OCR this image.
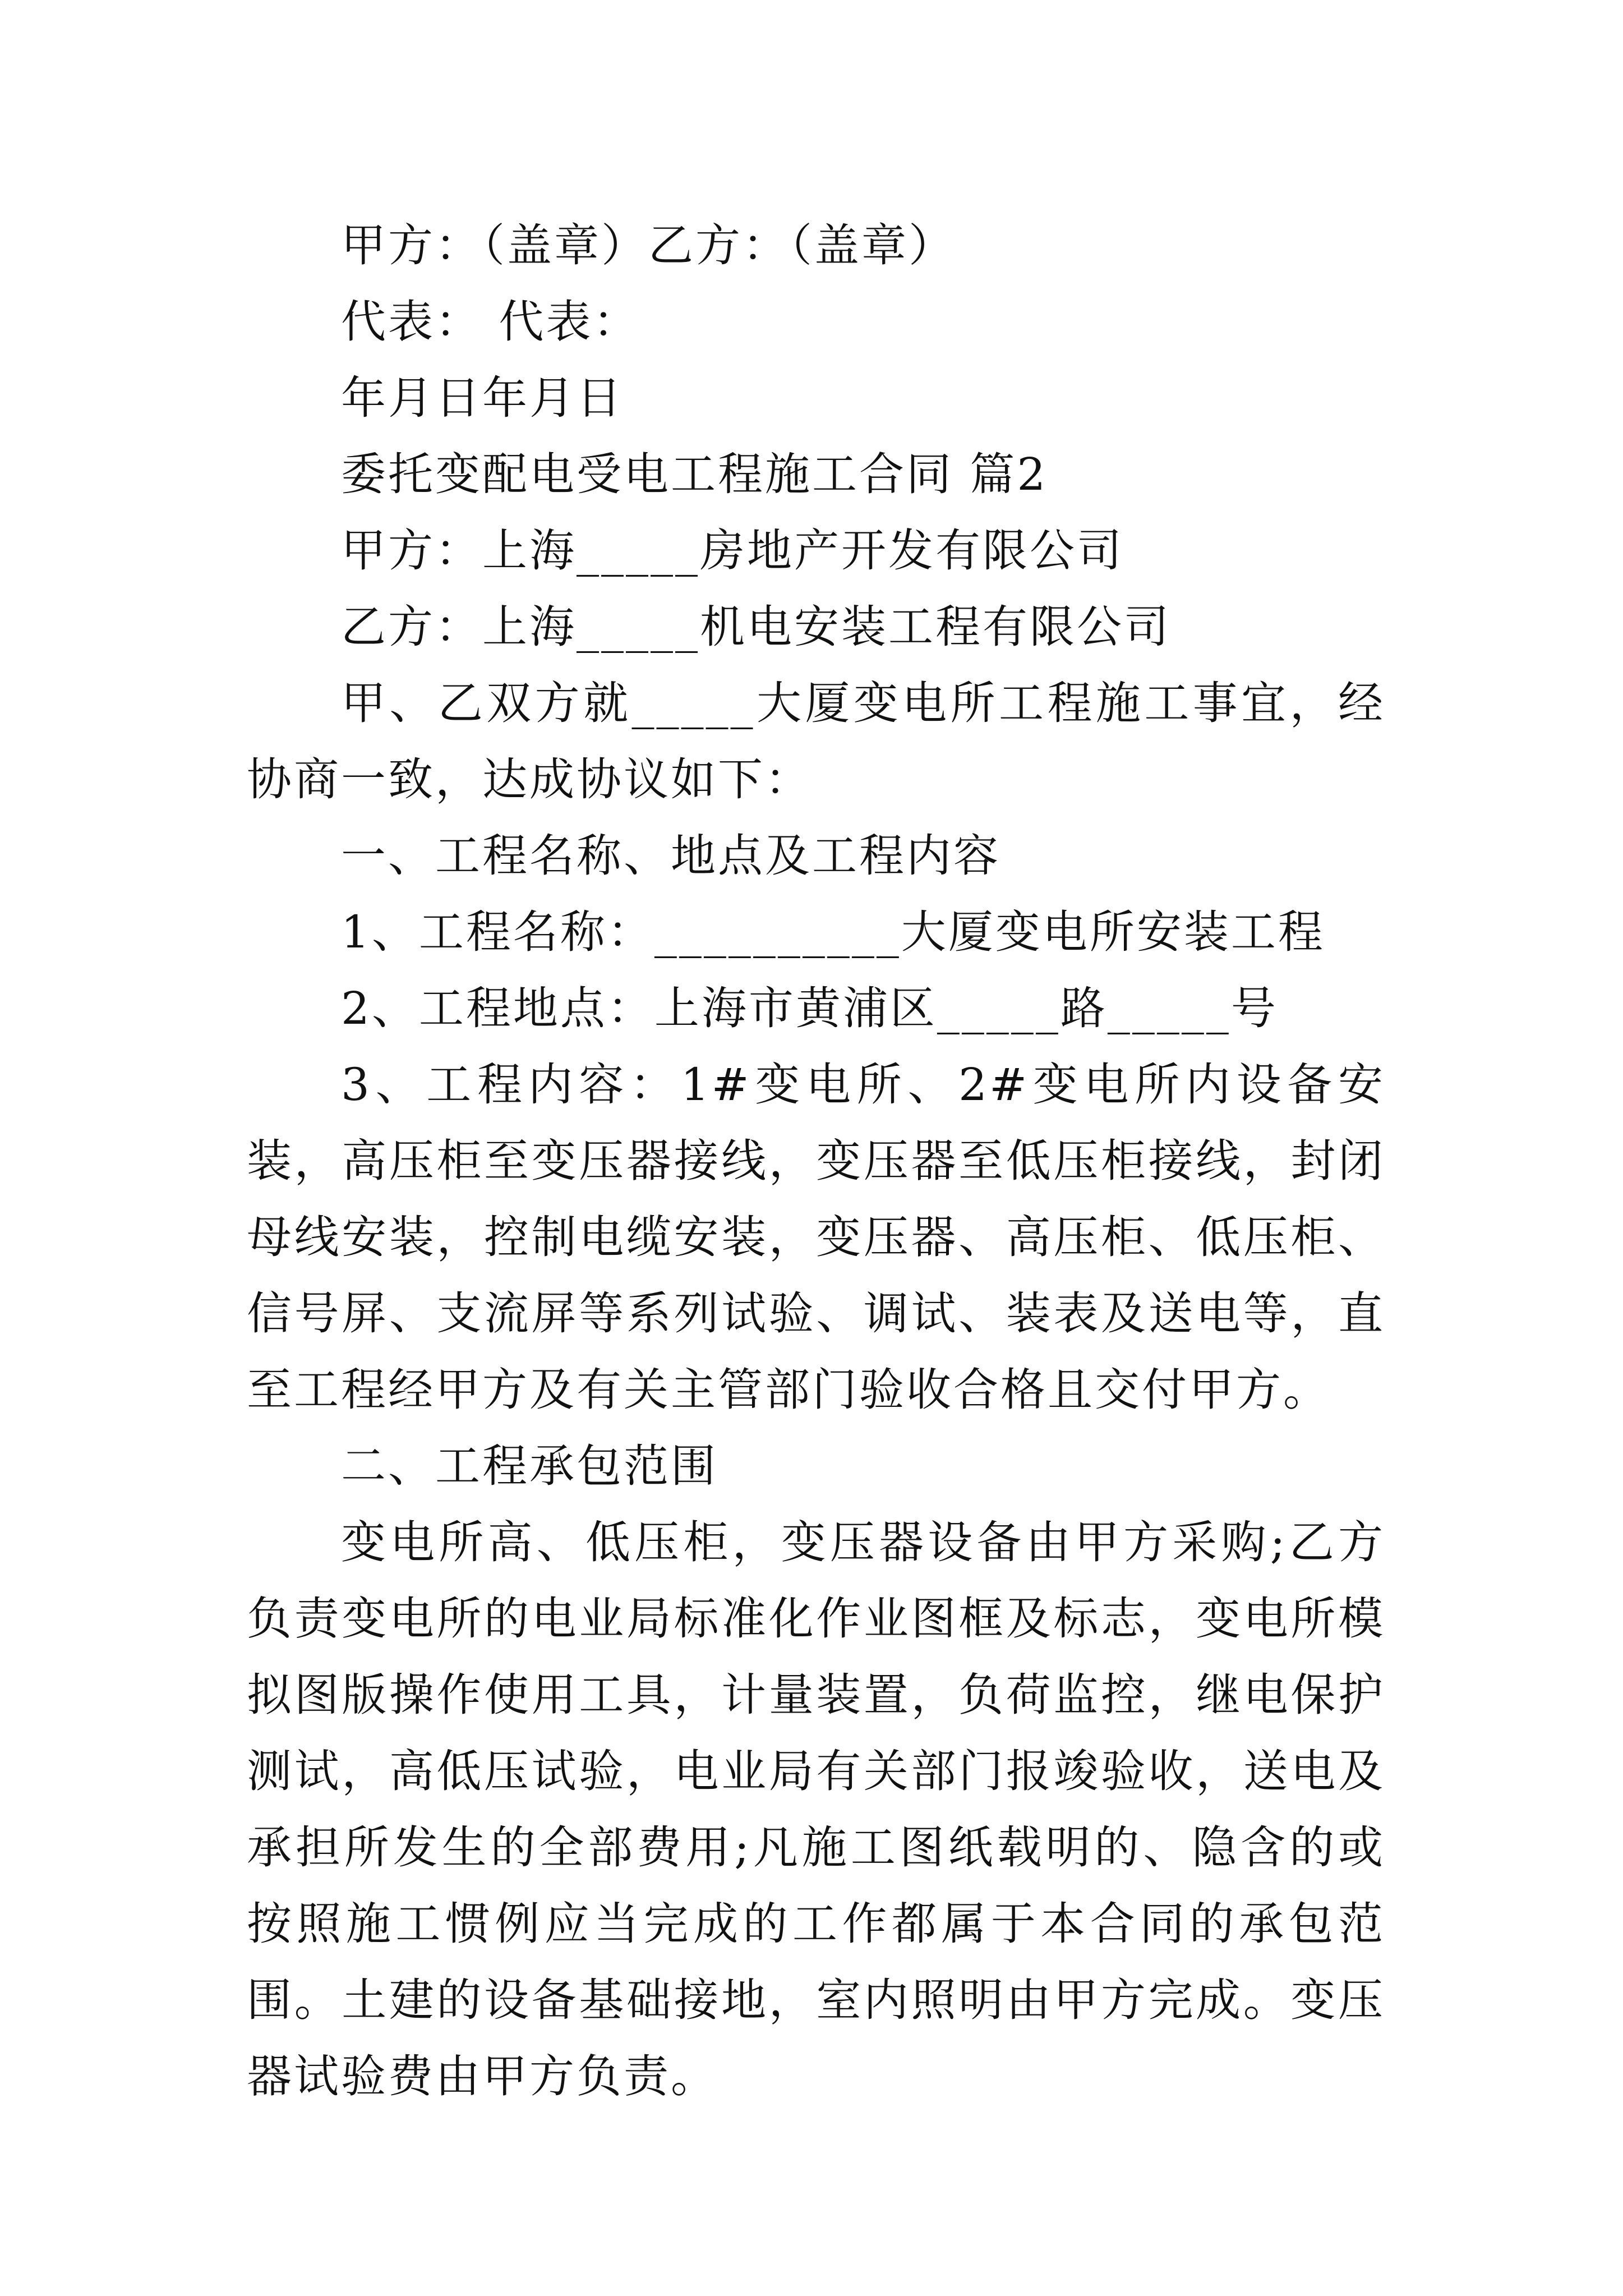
甲方：（盖章）乙方：（盖章）
代表： 代表：
年月日年月日
委托变配电受电工程施工合同 篇2
甲方：上海_____房地产开发有限公司
乙方：上海_____机电安装工程有限公司

甲、乙双方就_____大厦变电所工程施工事宜，经协商一致，达成协议如下：

一、工程名称、地点及工程内容
1、工程名称：__________大厦变电所安装工程
2、工程地点：上海市黄浦区_____路_____号

3、工程内容：1#变电所、2#变电所内设备安装，高压柜至变压器接线，变压器至低压柜接线，封闭母线安装，控制电缆安装，变压器、高压柜、低压柜、信号屏、支流屏等系列试验、调试、装表及送电等，直至工程经甲方及有关主管部门验收合格且交付甲方。

二、工程承包范围

变电所高、低压柜，变压器设备由甲方采购;乙方负责变电所的电业局标准化作业图框及标志，变电所模拟图版操作使用工具，计量装置，负荷监控，继电保护测试，高低压试验，电业局有关部门报竣验收，送电及承担所发生的全部费用;凡施工图纸载明的、隐含的或按照施工惯例应当完成的工作都属于本合同的承包范围。土建的设备基础接地，室内照明由甲方完成。变压器试验费由甲方负责。
